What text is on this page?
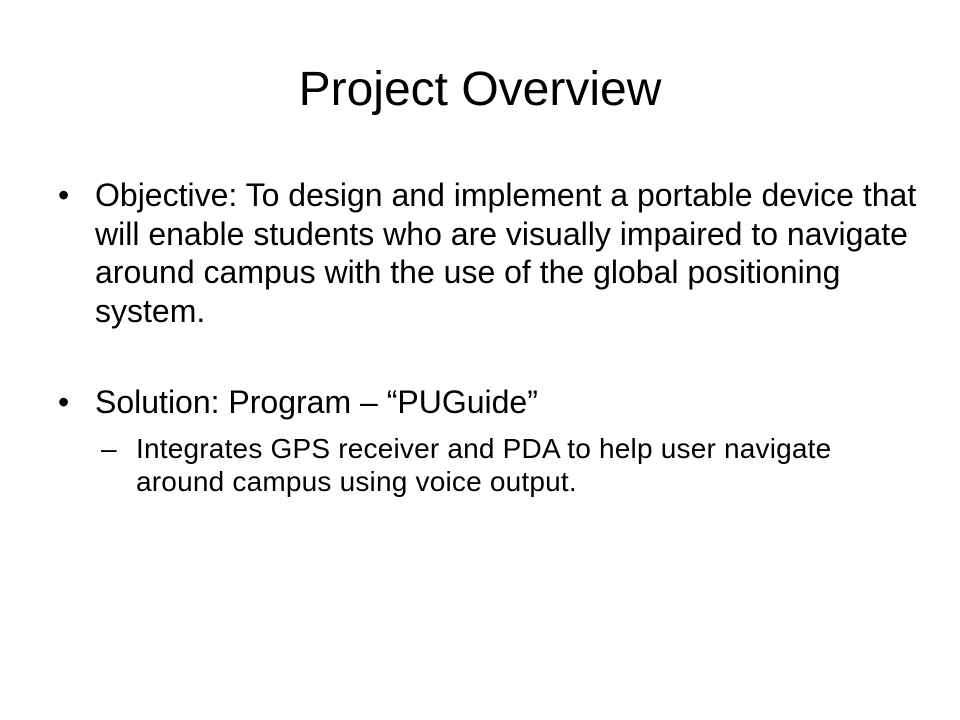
Project Overview
• Objective: To design and implement a portable device that will enable students who are visually impaired to navigate around campus with the use of the global positioning system.
• Solution: Program – “PUGuide”
– Integrates GPS receiver and PDA to help user navigate around campus using voice output.
